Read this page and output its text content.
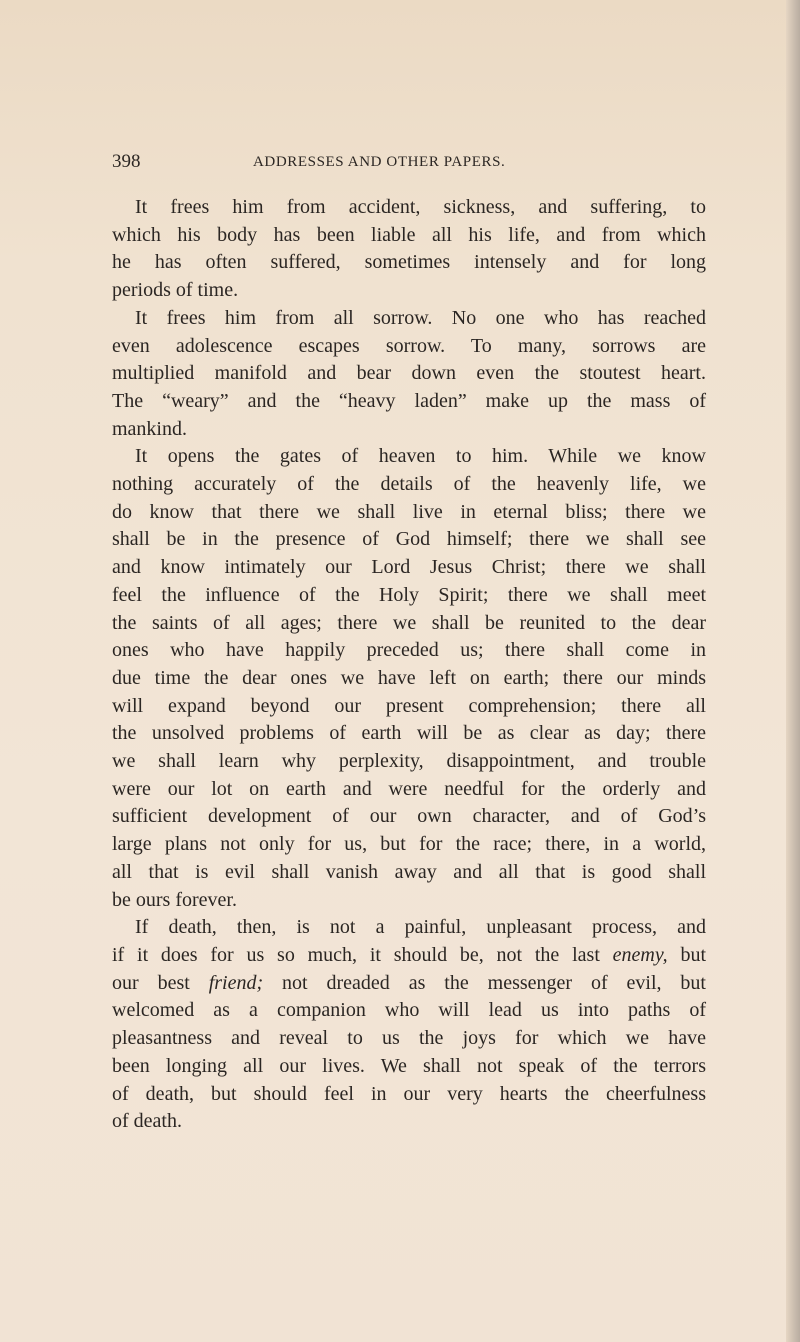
398	ADDRESSES AND OTHER PAPERS.
It frees him from accident, sickness, and suffering, to
which his body has been liable all his life, and from which
he has often suffered, sometimes intensely and for long
periods of time.
It frees him from all sorrow. No one who has reached
even adolescence escapes sorrow. To many, sorrows are
multiplied manifold and bear down even the stoutest heart.
The “weary” and the “heavy laden” make up the mass of
mankind.
It opens the gates of heaven to him. While we know
nothing accurately of the details of the heavenly life, we
do know that there we shall live in eternal bliss; there we
shall be in the presence of God himself; there we shall see
and know intimately our Lord Jesus Christ; there we shall
feel the influence of the Holy Spirit; there we shall meet
the saints of all ages; there we shall be reunited to the dear
ones who have happily preceded us; there shall come in
due time the dear ones we have left on earth; there our minds
will expand beyond our present comprehension; there all
the unsolved problems of earth will be as clear as day; there
we shall learn why perplexity, disappointment, and trouble
were our lot on earth and were needful for the orderly and
sufficient development of our own character, and of God’s
large plans not only for us, but for the race; there, in a world,
all that is evil shall vanish away and all that is good shall
be ours forever.
If death, then, is not a painful, unpleasant process, and
if it does for us so much, it should be, not the last enemy, but
our best friend; not dreaded as the messenger of evil, but
welcomed as a companion who will lead us into paths of
pleasantness and reveal to us the joys for which we have
been longing all our lives. We shall not speak of the terrors
of death, but should feel in our very hearts the cheerfulness
of death.
